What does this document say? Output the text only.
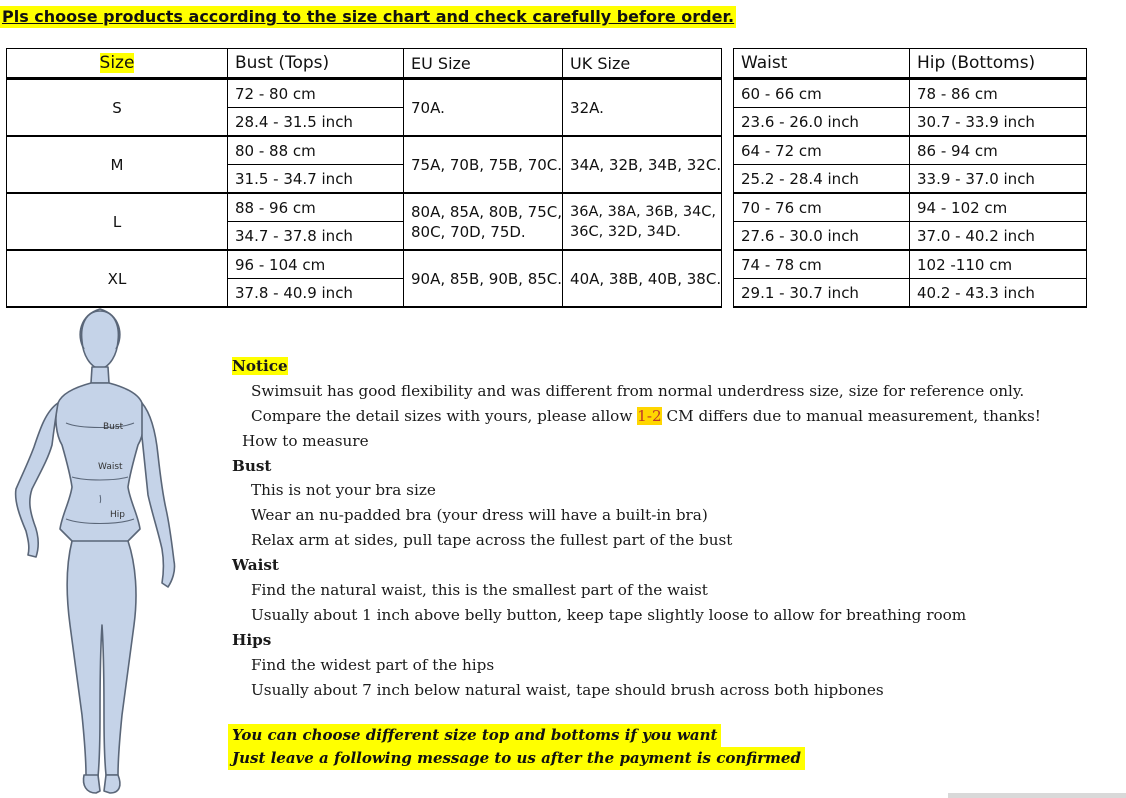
Pls choose products according to the size chart and check carefully before order.
Size	Bust (Tops)	EU Size	UK Size
S	72 - 80 cm	70A.	32A.
	28.4 - 31.5 inch		
M	80 - 88 cm	75A, 70B, 75B, 70C.	34A, 32B, 34B, 32C.
	31.5 - 34.7 inch		
L	88 - 96 cm	80A, 85A, 80B, 75C, 80C, 70D, 75D.	36A, 38A, 36B, 34C, 36C, 32D, 34D.
	34.7 - 37.8 inch		
XL	96 - 104 cm	90A, 85B, 90B, 85C.	40A, 38B, 40B, 38C.
	37.8 - 40.9 inch		
Waist	Hip (Bottoms)
60 - 66 cm	78 - 86 cm
23.6 - 26.0 inch	30.7 - 33.9 inch
64 - 72 cm	86 - 94 cm
25.2 - 28.4 inch	33.9 - 37.0 inch
70 - 76 cm	94 - 102 cm
27.6 - 30.0 inch	37.0 - 40.2 inch
74 - 78 cm	102 -110 cm
29.1 - 30.7 inch	40.2 - 43.3 inch
Bust
Waist
Hip
Notice
Swimsuit has good flexibility and was different from normal underdress size, size for reference only.
Compare the detail sizes with yours, please allow 1-2 CM differs due to manual measurement, thanks!
How to measure
Bust
This is not your bra size
Wear an nu-padded bra (your dress will have a built-in bra)
Relax arm at sides, pull tape across the fullest part of the bust
Waist
Find the natural waist, this is the smallest part of the waist
Usually about 1 inch above belly button, keep tape slightly loose to allow for breathing room
Hips
Find the widest part of the hips
Usually about 7 inch below natural waist, tape should brush across both hipbones
You can choose different size top and bottoms if you want
Just leave a following message to us after the payment is confirmed
